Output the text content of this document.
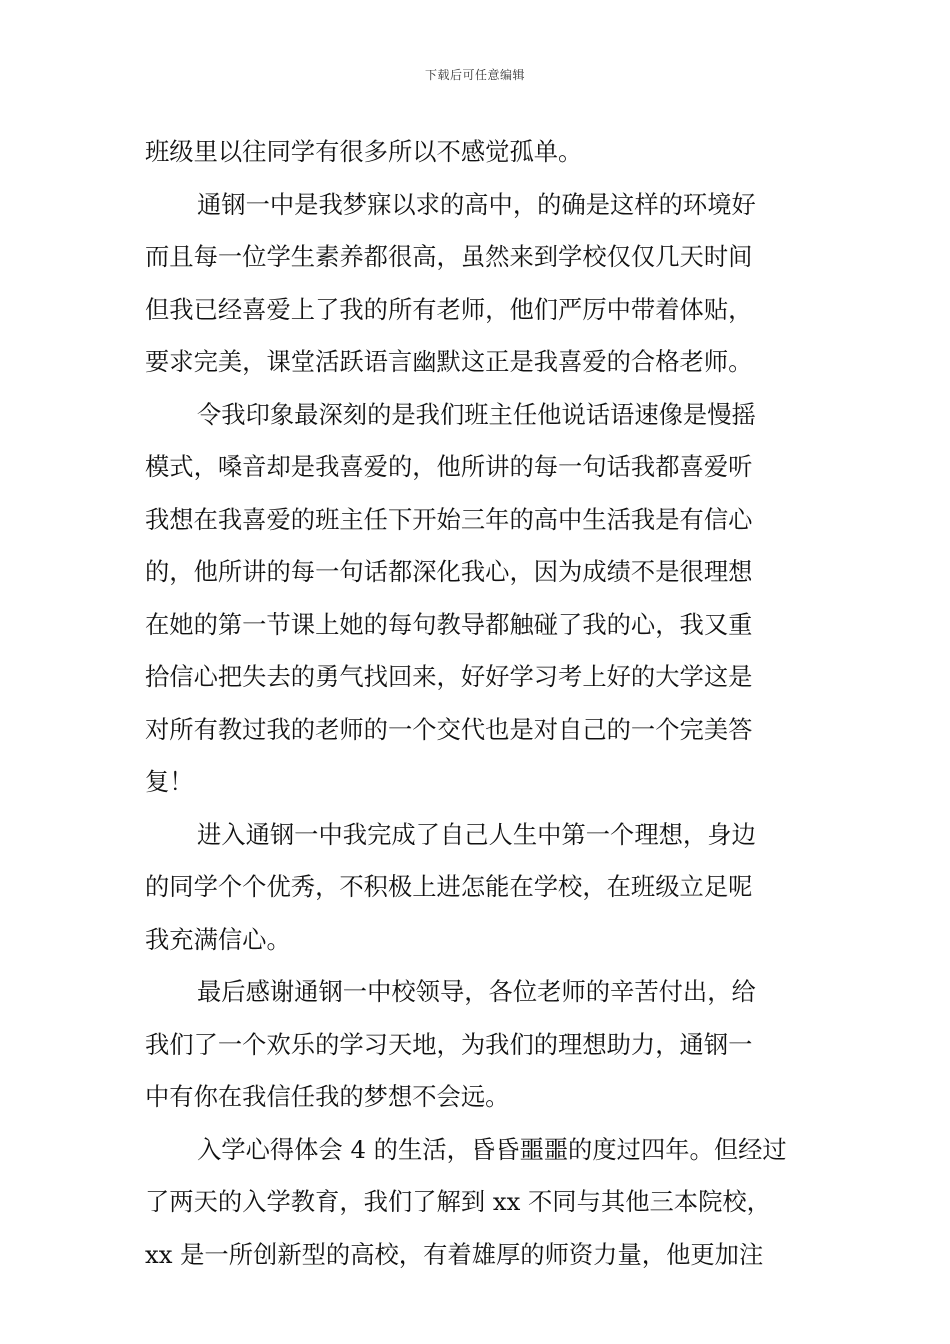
下载后可任意编辑
班级里以往同学有很多所以不感觉孤单。
通钢一中是我梦寐以求的高中，的确是这样的环境好
而且每一位学生素养都很高，虽然来到学校仅仅几天时间
但我已经喜爱上了我的所有老师，他们严厉中带着体贴，
要求完美，课堂活跃语言幽默这正是我喜爱的合格老师。
令我印象最深刻的是我们班主任他说话语速像是慢摇
模式，嗓音却是我喜爱的，他所讲的每一句话我都喜爱听
我想在我喜爱的班主任下开始三年的高中生活我是有信心
的，他所讲的每一句话都深化我心，因为成绩不是很理想
在她的第一节课上她的每句教导都触碰了我的心，我又重
拾信心把失去的勇气找回来，好好学习考上好的大学这是
对所有教过我的老师的一个交代也是对自己的一个完美答
复！
进入通钢一中我完成了自己人生中第一个理想，身边
的同学个个优秀，不积极上进怎能在学校，在班级立足呢
我充满信心。
最后感谢通钢一中校领导，各位老师的辛苦付出，给
我们了一个欢乐的学习天地，为我们的理想助力，通钢一
中有你在我信任我的梦想不会远。
入学心得体会 4 的生活，昏昏噩噩的度过四年。但经过
了两天的入学教育，我们了解到 xx 不同与其他三本院校，
xx 是一所创新型的高校，有着雄厚的师资力量，他更加注
